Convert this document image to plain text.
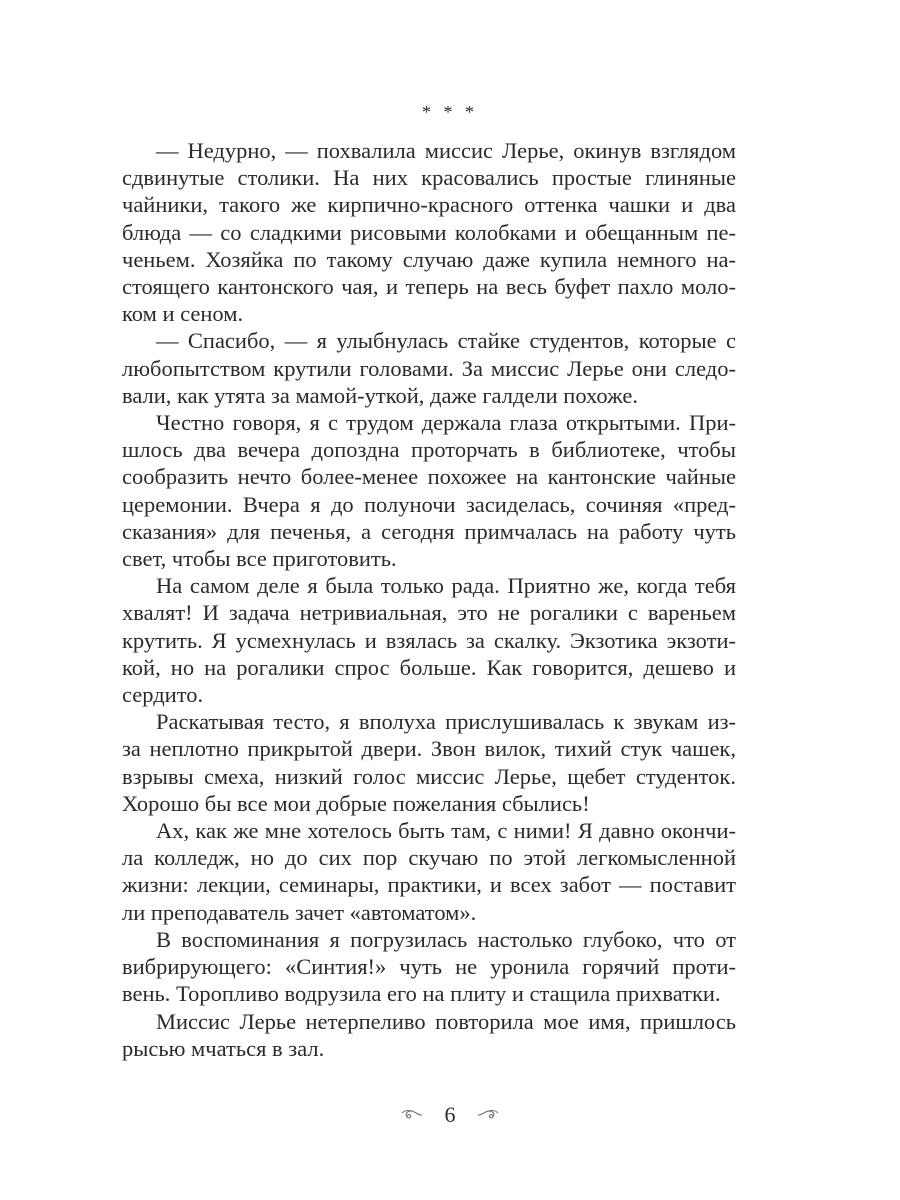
* * *
— Недурно, — похвалила миссис Лерье, окинув взглядом
сдвинутые столики. На них красовались простые глиняные
чайники, такого же кирпично-красного оттенка чашки и два
блюда — со сладкими рисовыми колобками и обещанным пе-
ченьем. Хозяйка по такому случаю даже купила немного на-
стоящего кантонского чая, и теперь на весь буфет пахло моло-
ком и сеном.
— Спасибо, — я улыбнулась стайке студентов, которые с
любопытством крутили головами. За миссис Лерье они следо-
вали, как утята за мамой-уткой, даже галдели похоже.
Честно говоря, я с трудом держала глаза открытыми. При-
шлось два вечера допоздна проторчать в библиотеке, чтобы
сообразить нечто более-менее похожее на кантонские чайные
церемонии. Вчера я до полуночи засиделась, сочиняя «пред-
сказания» для печенья, а сегодня примчалась на работу чуть
свет, чтобы все приготовить.
На самом деле я была только рада. Приятно же, когда тебя
хвалят! И задача нетривиальная, это не рогалики с вареньем
крутить. Я усмехнулась и взялась за скалку. Экзотика экзоти-
кой, но на рогалики спрос больше. Как говорится, дешево и
сердито.
Раскатывая тесто, я вполуха прислушивалась к звукам из-
за неплотно прикрытой двери. Звон вилок, тихий стук чашек,
взрывы смеха, низкий голос миссис Лерье, щебет студенток.
Хорошо бы все мои добрые пожелания сбылись!
Ах, как же мне хотелось быть там, с ними! Я давно окончи-
ла колледж, но до сих пор скучаю по этой легкомысленной
жизни: лекции, семинары, практики, и всех забот — поставит
ли преподаватель зачет «автоматом».
В воспоминания я погрузилась настолько глубоко, что от
вибрирующего: «Синтия!» чуть не уронила горячий проти-
вень. Торопливо водрузила его на плиту и стащила прихватки.
Миссис Лерье нетерпеливо повторила мое имя, пришлось
рысью мчаться в зал.
6
